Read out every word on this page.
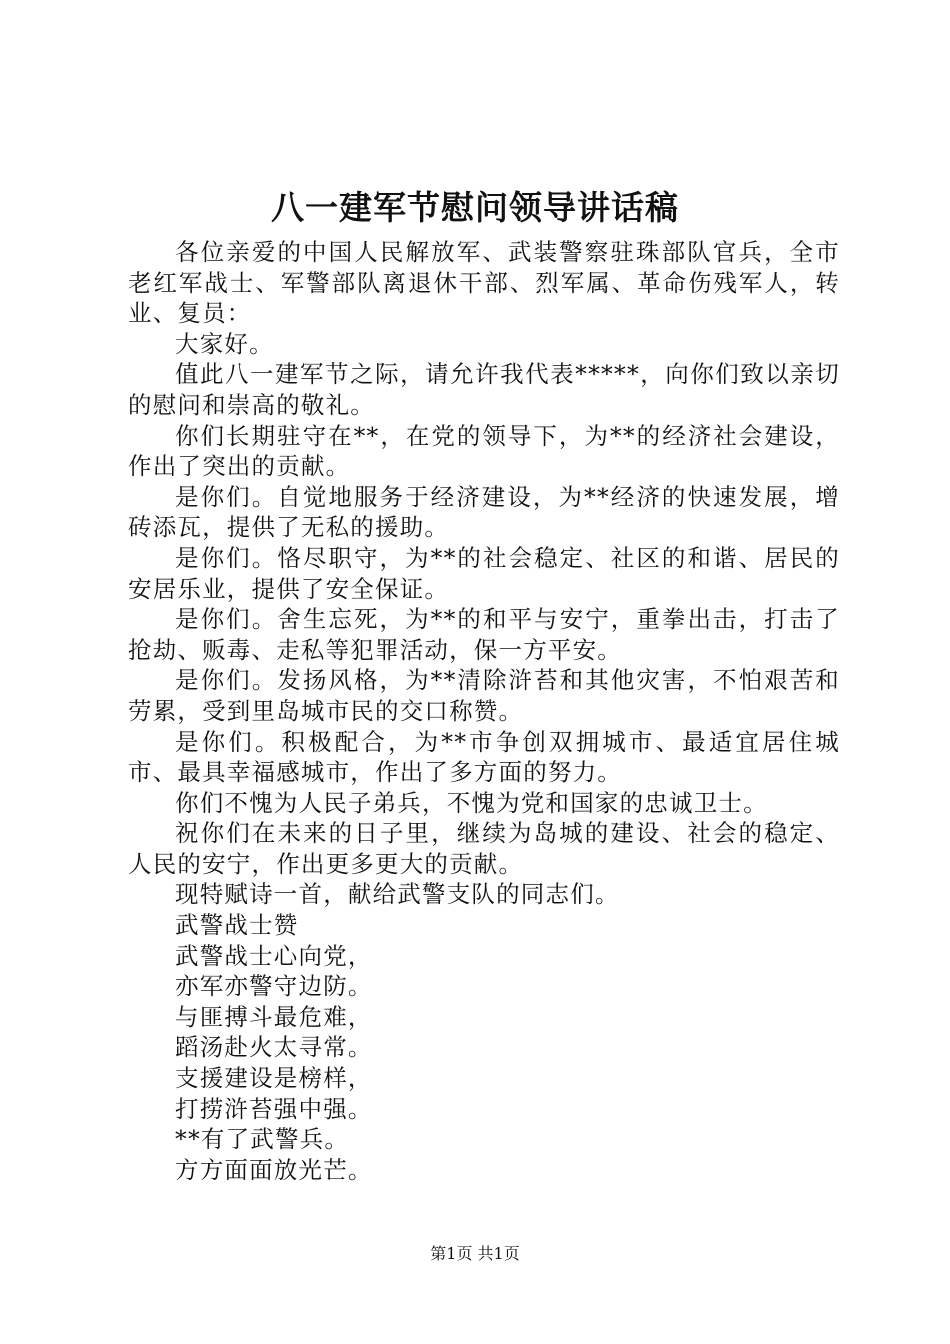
八一建军节慰问领导讲话稿

各位亲爱的中国人民解放军、武装警察驻珠部队官兵，全市老红军战士、军警部队离退休干部、烈军属、革命伤残军人，转业、复员：

大家好。

值此八一建军节之际，请允许我代表*****，向你们致以亲切的慰问和崇高的敬礼。

你们长期驻守在**，在党的领导下，为**的经济社会建设，作出了突出的贡献。

是你们。自觉地服务于经济建设，为**经济的快速发展，增砖添瓦，提供了无私的援助。

是你们。恪尽职守，为**的社会稳定、社区的和谐、居民的安居乐业，提供了安全保证。

是你们。舍生忘死，为**的和平与安宁，重拳出击，打击了抢劫、贩毒、走私等犯罪活动，保一方平安。

是你们。发扬风格，为**清除浒苔和其他灾害，不怕艰苦和劳累，受到里岛城市民的交口称赞。

是你们。积极配合，为**市争创双拥城市、最适宜居住城市、最具幸福感城市，作出了多方面的努力。

你们不愧为人民子弟兵，不愧为党和国家的忠诚卫士。

祝你们在未来的日子里，继续为岛城的建设、社会的稳定、人民的安宁，作出更多更大的贡献。

现特赋诗一首，献给武警支队的同志们。

武警战士赞

武警战士心向党，

亦军亦警守边防。

与匪搏斗最危难，

蹈汤赴火太寻常。

支援建设是榜样，

打捞浒苔强中强。

**有了武警兵。

方方面面放光芒。

第1页 共1页
